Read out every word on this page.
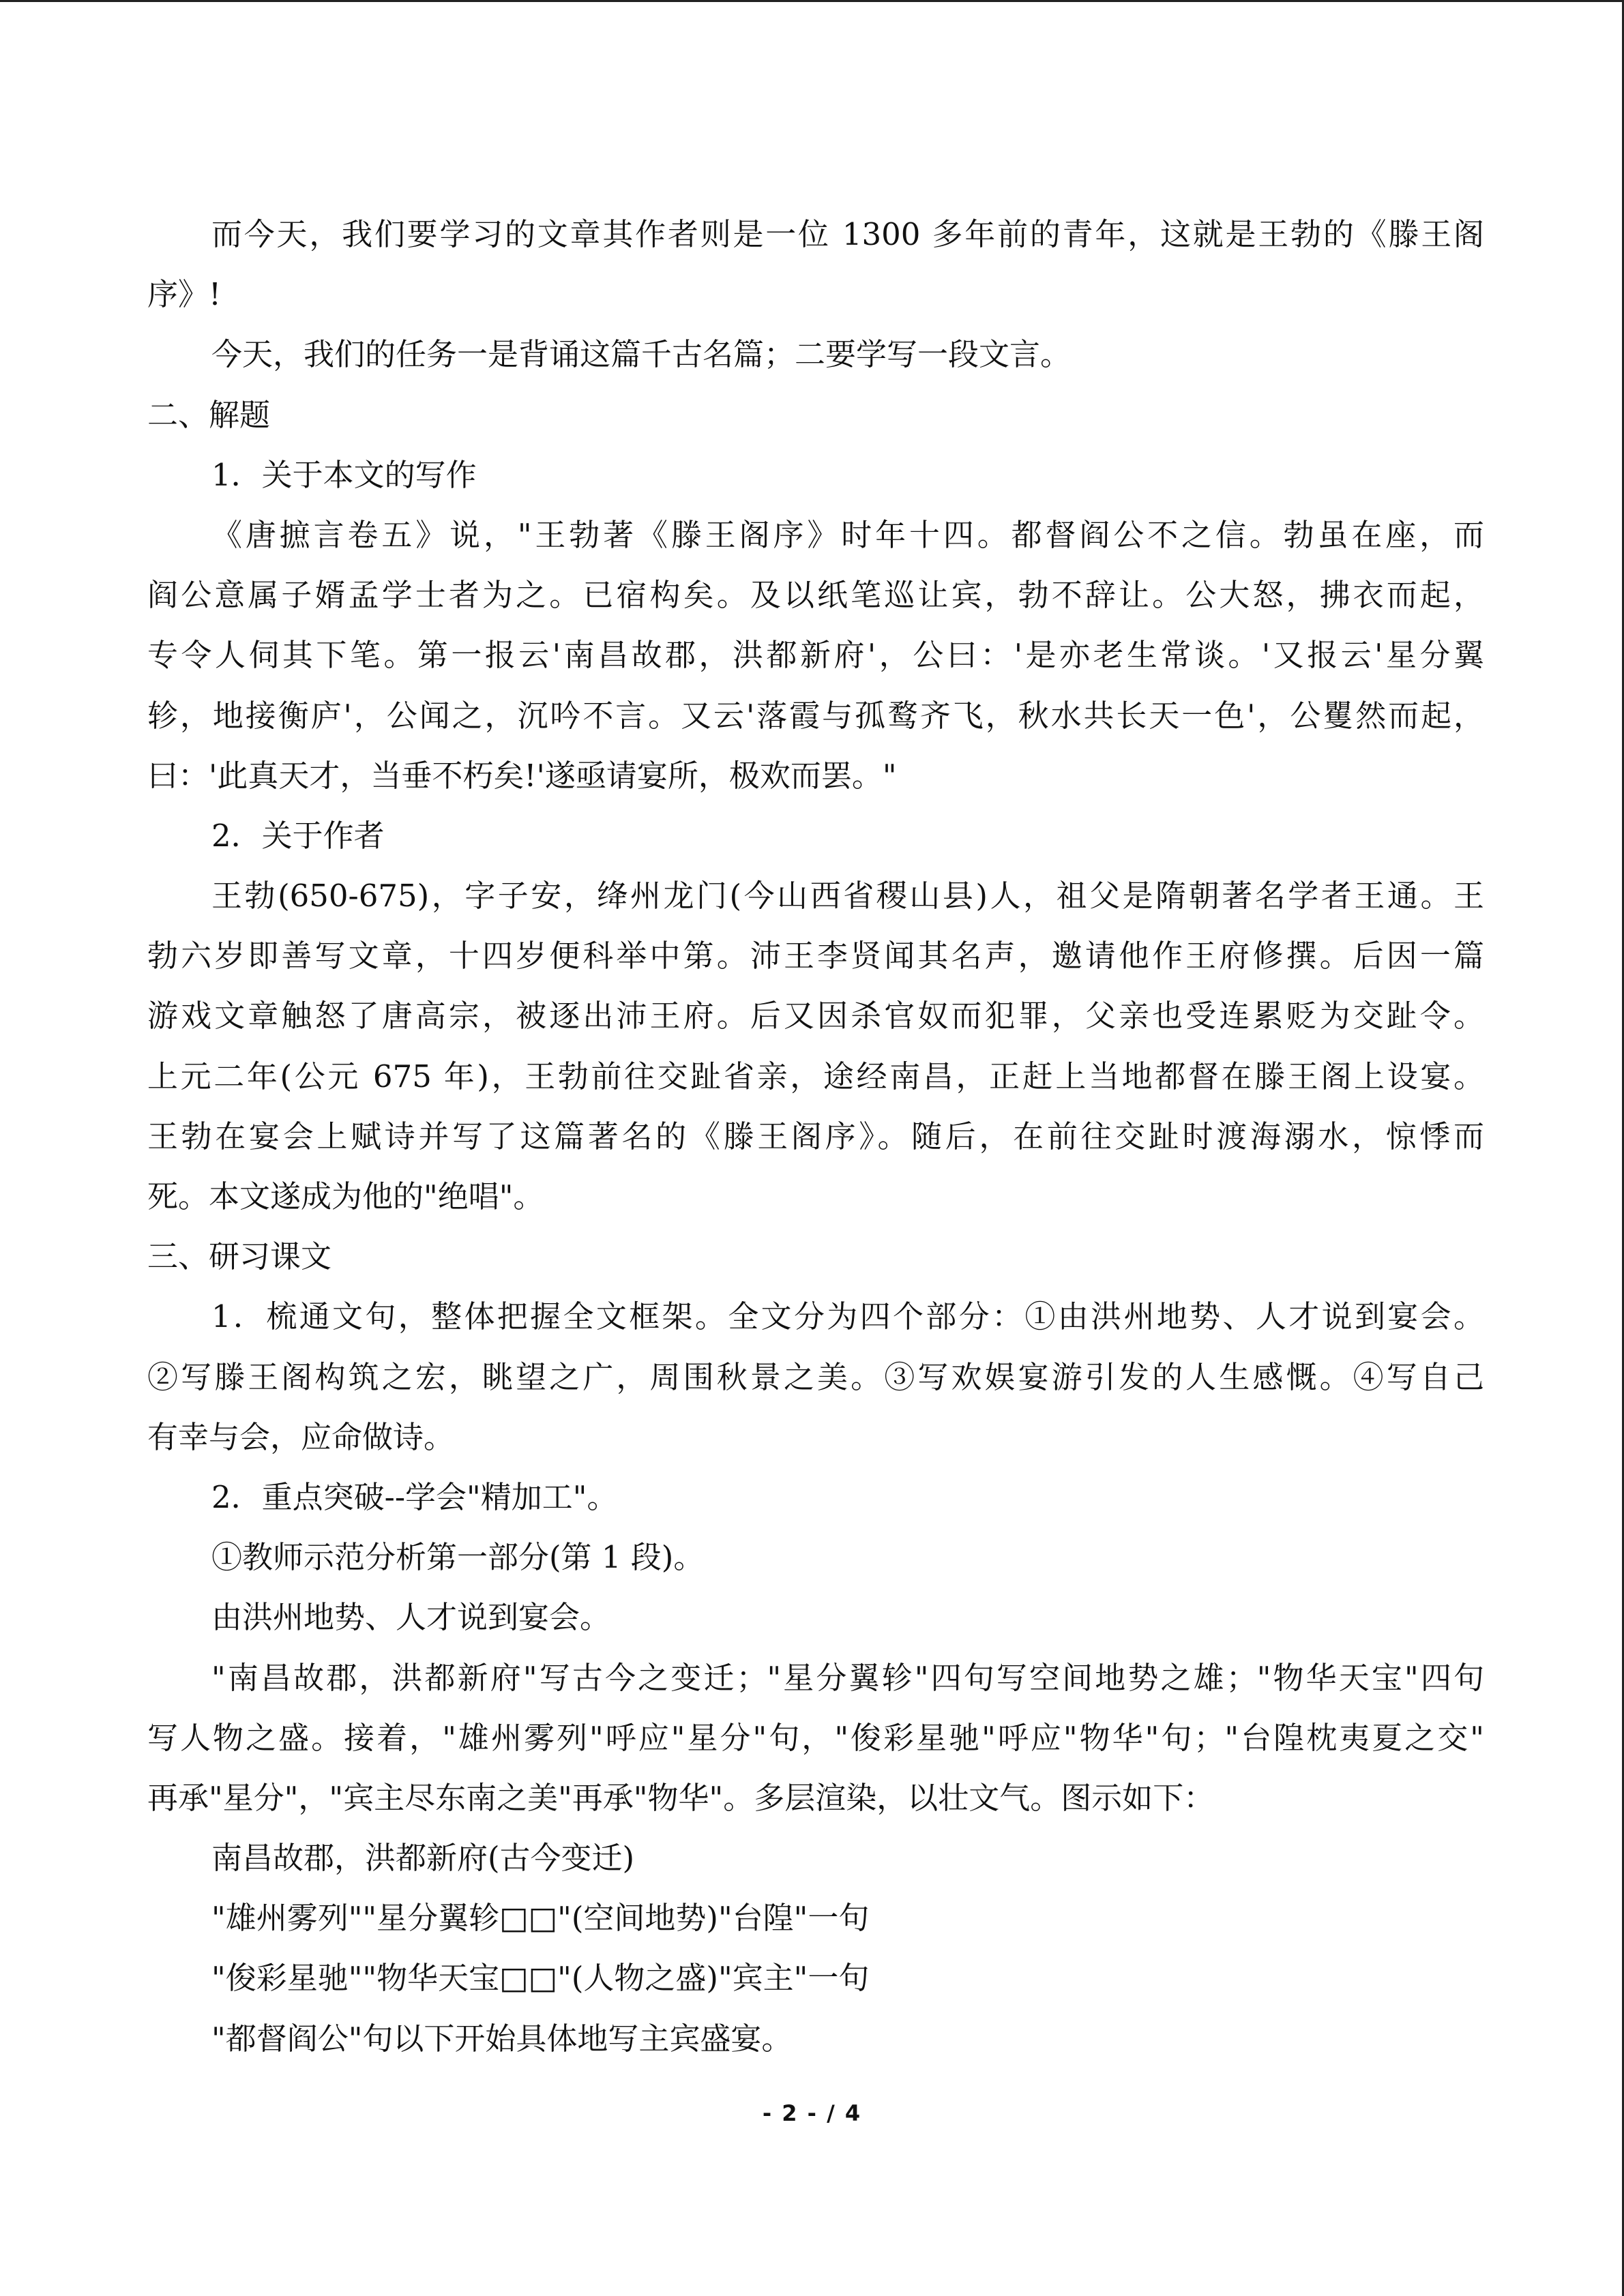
而今天，我们要学习的文章其作者则是一位 1300 多年前的青年，这就是王勃的《滕王阁
序》!
今天，我们的任务一是背诵这篇千古名篇；二要学写一段文言。
二、解题
1．关于本文的写作
《唐摭言卷五》说，"王勃著《滕王阁序》时年十四。都督阎公不之信。勃虽在座，而
阎公意属子婿孟学士者为之。已宿构矣。及以纸笔巡让宾，勃不辞让。公大怒，拂衣而起，
专令人伺其下笔。第一报云'南昌故郡，洪都新府'，公曰：'是亦老生常谈。'又报云'星分翼
轸，地接衡庐'，公闻之，沉吟不言。又云'落霞与孤鹜齐飞，秋水共长天一色'，公矍然而起，
曰：'此真天才，当垂不朽矣!'遂亟请宴所，极欢而罢。"
2．关于作者
王勃(650-675)，字子安，绛州龙门(今山西省稷山县)人，祖父是隋朝著名学者王通。王
勃六岁即善写文章，十四岁便科举中第。沛王李贤闻其名声，邀请他作王府修撰。后因一篇
游戏文章触怒了唐高宗，被逐出沛王府。后又因杀官奴而犯罪，父亲也受连累贬为交趾令。
上元二年(公元 675 年)，王勃前往交趾省亲，途经南昌，正赶上当地都督在滕王阁上设宴。
王勃在宴会上赋诗并写了这篇著名的《滕王阁序》。随后，在前往交趾时渡海溺水，惊悸而
死。本文遂成为他的"绝唱"。
三、研习课文
1．梳通文句，整体把握全文框架。全文分为四个部分：①由洪州地势、人才说到宴会。
②写滕王阁构筑之宏，眺望之广，周围秋景之美。③写欢娱宴游引发的人生感慨。④写自己
有幸与会，应命做诗。
2．重点突破--学会"精加工"。
①教师示范分析第一部分(第 1 段)。
由洪州地势、人才说到宴会。
"南昌故郡，洪都新府"写古今之变迁；"星分翼轸"四句写空间地势之雄；"物华天宝"四句
写人物之盛。接着，"雄州雾列"呼应"星分"句，"俊彩星驰"呼应"物华"句；"台隍枕夷夏之交"
再承"星分"，"宾主尽东南之美"再承"物华"。多层渲染，以壮文气。图示如下：
南昌故郡，洪都新府(古今变迁)
"雄州雾列""星分翼轸□□"(空间地势)"台隍"一句
"俊彩星驰""物华天宝□□"(人物之盛)"宾主"一句
"都督阎公"句以下开始具体地写主宾盛宴。
- 2 - / 4
